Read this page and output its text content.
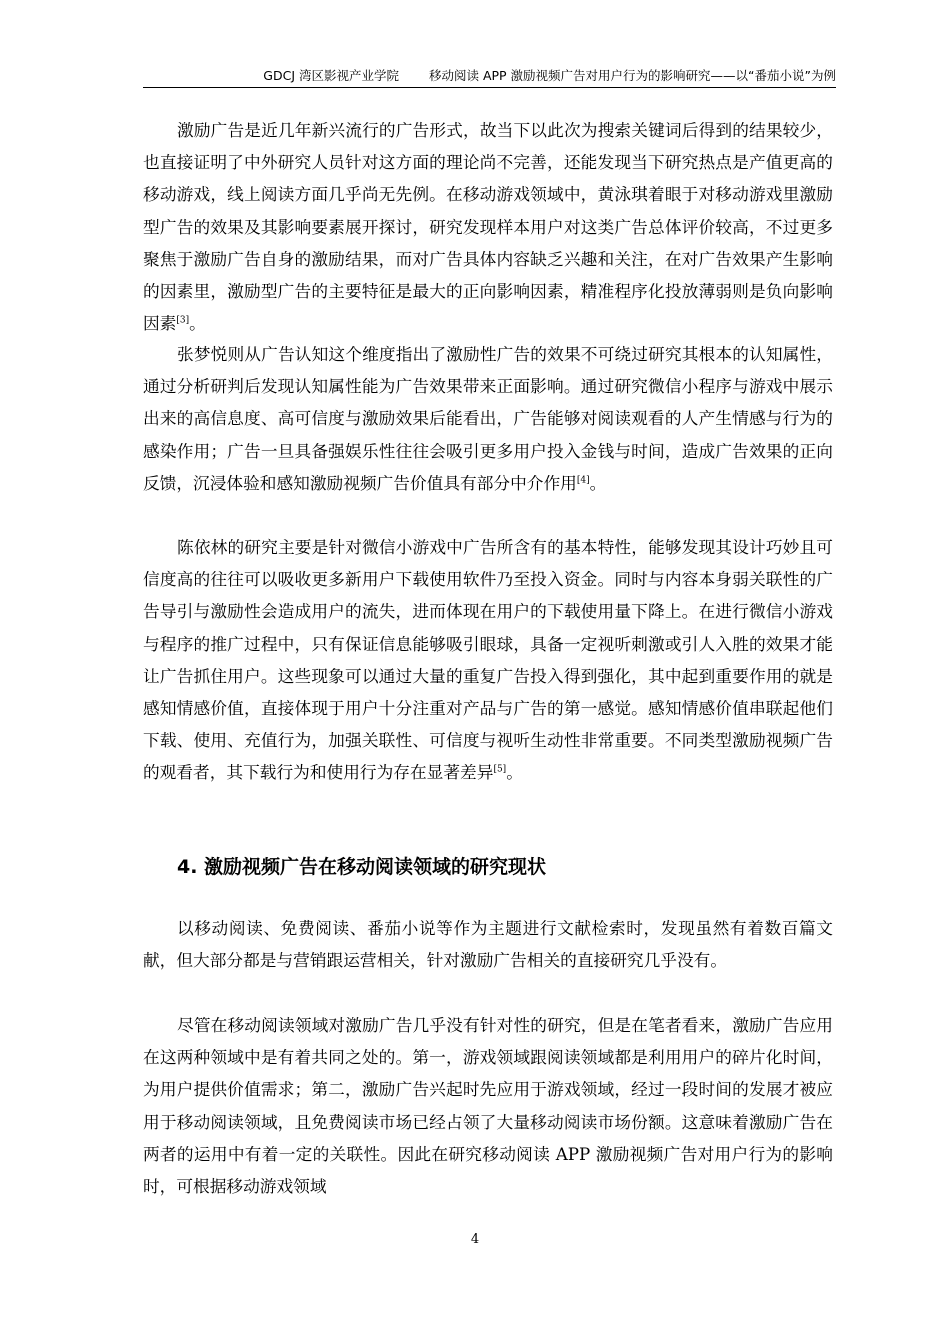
GDCJ 湾区影视产业学院 移动阅读 APP 激励视频广告对用户行为的影响研究——以“番茄小说”为例

激励广告是近几年新兴流行的广告形式，故当下以此次为搜索关键词后得到的结果较少，也直接证明了中外研究人员针对这方面的理论尚不完善，还能发现当下研究热点是产值更高的移动游戏，线上阅读方面几乎尚无先例。在移动游戏领域中，黄泳琪着眼于对移动游戏里激励型广告的效果及其影响要素展开探讨，研究发现样本用户对这类广告总体评价较高，不过更多聚焦于激励广告自身的激励结果，而对广告具体内容缺乏兴趣和关注，在对广告效果产生影响的因素里，激励型广告的主要特征是最大的正向影响因素，精准程序化投放薄弱则是负向影响因素[3]。

张梦悦则从广告认知这个维度指出了激励性广告的效果不可绕过研究其根本的认知属性，通过分析研判后发现认知属性能为广告效果带来正面影响。通过研究微信小程序与游戏中展示出来的高信息度、高可信度与激励效果后能看出，广告能够对阅读观看的人产生情感与行为的感染作用；广告一旦具备强娱乐性往往会吸引更多用户投入金钱与时间，造成广告效果的正向反馈，沉浸体验和感知激励视频广告价值具有部分中介作用[4]。

陈依林的研究主要是针对微信小游戏中广告所含有的基本特性，能够发现其设计巧妙且可信度高的往往可以吸收更多新用户下载使用软件乃至投入资金。同时与内容本身弱关联性的广告导引与激励性会造成用户的流失，进而体现在用户的下载使用量下降上。在进行微信小游戏与程序的推广过程中，只有保证信息能够吸引眼球，具备一定视听刺激或引人入胜的效果才能让广告抓住用户。这些现象可以通过大量的重复广告投入得到强化，其中起到重要作用的就是感知情感价值，直接体现于用户十分注重对产品与广告的第一感觉。感知情感价值串联起他们下载、使用、充值行为，加强关联性、可信度与视听生动性非常重要。不同类型激励视频广告的观看者，其下载行为和使用行为存在显著差异[5]。

4. 激励视频广告在移动阅读领域的研究现状

以移动阅读、免费阅读、番茄小说等作为主题进行文献检索时，发现虽然有着数百篇文献，但大部分都是与营销跟运营相关，针对激励广告相关的直接研究几乎没有。

尽管在移动阅读领域对激励广告几乎没有针对性的研究，但是在笔者看来，激励广告应用在这两种领域中是有着共同之处的。第一，游戏领域跟阅读领域都是利用用户的碎片化时间，为用户提供价值需求；第二，激励广告兴起时先应用于游戏领域，经过一段时间的发展才被应用于移动阅读领域，且免费阅读市场已经占领了大量移动阅读市场份额。这意味着激励广告在两者的运用中有着一定的关联性。因此在研究移动阅读 APP 激励视频广告对用户行为的影响时，可根据移动游戏领域

4
